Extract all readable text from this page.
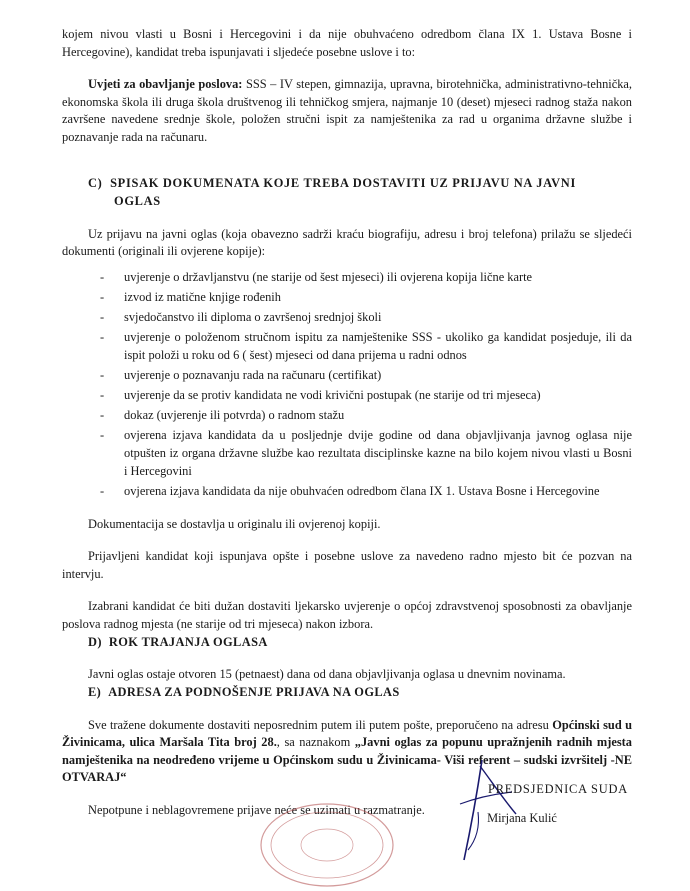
kojem nivou vlasti u Bosni i Hercegovini i da nije obuhvaćeno odredbom člana IX 1. Ustava Bosne i Hercegovine), kandidat treba ispunjavati i sljedeće posebne uslove i to:

Uvjeti za obavljanje poslova: SSS – IV stepen, gimnazija, upravna, birotehnička, administrativno-tehnička, ekonomska škola ili druga škola društvenog ili tehničkog smjera, najmanje 10 (deset) mjeseci radnog staža nakon završene navedene srednje škole, položen stručni ispit za namještenika za rad u organima državne službe i poznavanje rada na računaru.

C) SPISAK DOKUMENATA KOJE TREBA DOSTAVITI UZ PRIJAVU NA JAVNI
OGLAS

Uz prijavu na javni oglas (koja obavezno sadrži kraću biografiju, adresu i broj telefona) prilažu se sljedeći dokumenti (originali ili ovjerene kopije):

- uvjerenje o državljanstvu (ne starije od šest mjeseci) ili ovjerena kopija lične karte
- izvod iz matične knjige rođenih
- svjedočanstvo ili diploma o završenoj srednjoj školi
- uvjerenje o položenom stručnom ispitu za namještenike SSS - ukoliko ga kandidat posjeduje, ili da ispit položi u roku od 6 ( šest) mjeseci od dana prijema u radni odnos
- uvjerenje o poznavanju rada na računaru (certifikat)
- uvjerenje da se protiv kandidata ne vodi krivični postupak (ne starije od tri mjeseca)
- dokaz (uvjerenje ili potvrda) o radnom stažu
- ovjerena izjava kandidata da u posljednje dvije godine od dana objavljivanja javnog oglasa nije otpušten iz organa državne službe kao rezultata disciplinske kazne na bilo kojem nivou vlasti u Bosni i Hercegovini
- ovjerena izjava kandidata da nije obuhvaćen odredbom člana IX 1. Ustava Bosne i Hercegovine

Dokumentacija se dostavlja u originalu ili ovjerenoj kopiji.

Prijavljeni kandidat koji ispunjava opšte i posebne uslove za navedeno radno mjesto bit će pozvan na intervju.

Izabrani kandidat će biti dužan dostaviti ljekarsko uvjerenje o općoj zdravstvenoj sposobnosti za obavljanje poslova radnog mjesta (ne starije od tri mjeseca) nakon izbora.

D) ROK TRAJANJA OGLASA

Javni oglas ostaje otvoren 15 (petnaest) dana od dana objavljivanja oglasa u dnevnim novinama.

E) ADRESA ZA PODNOŠENJE PRIJAVA NA OGLAS

Sve tražene dokumente dostaviti neposrednim putem ili putem pošte, preporučeno na adresu Općinski sud u Živinicama, ulica Maršala Tita broj 28., sa naznakom „Javni oglas za popunu upražnjenih radnih mjesta namještenika na neodređeno vrijeme u Općinskom sudu u Živinicama- Viši referent – sudski izvršitelj -NE OTVARAJ“

Nepotpune i neblagovremene prijave neće se uzimati u razmatranje.

PREDSJEDNICA SUDA
Mirjana Kulić
